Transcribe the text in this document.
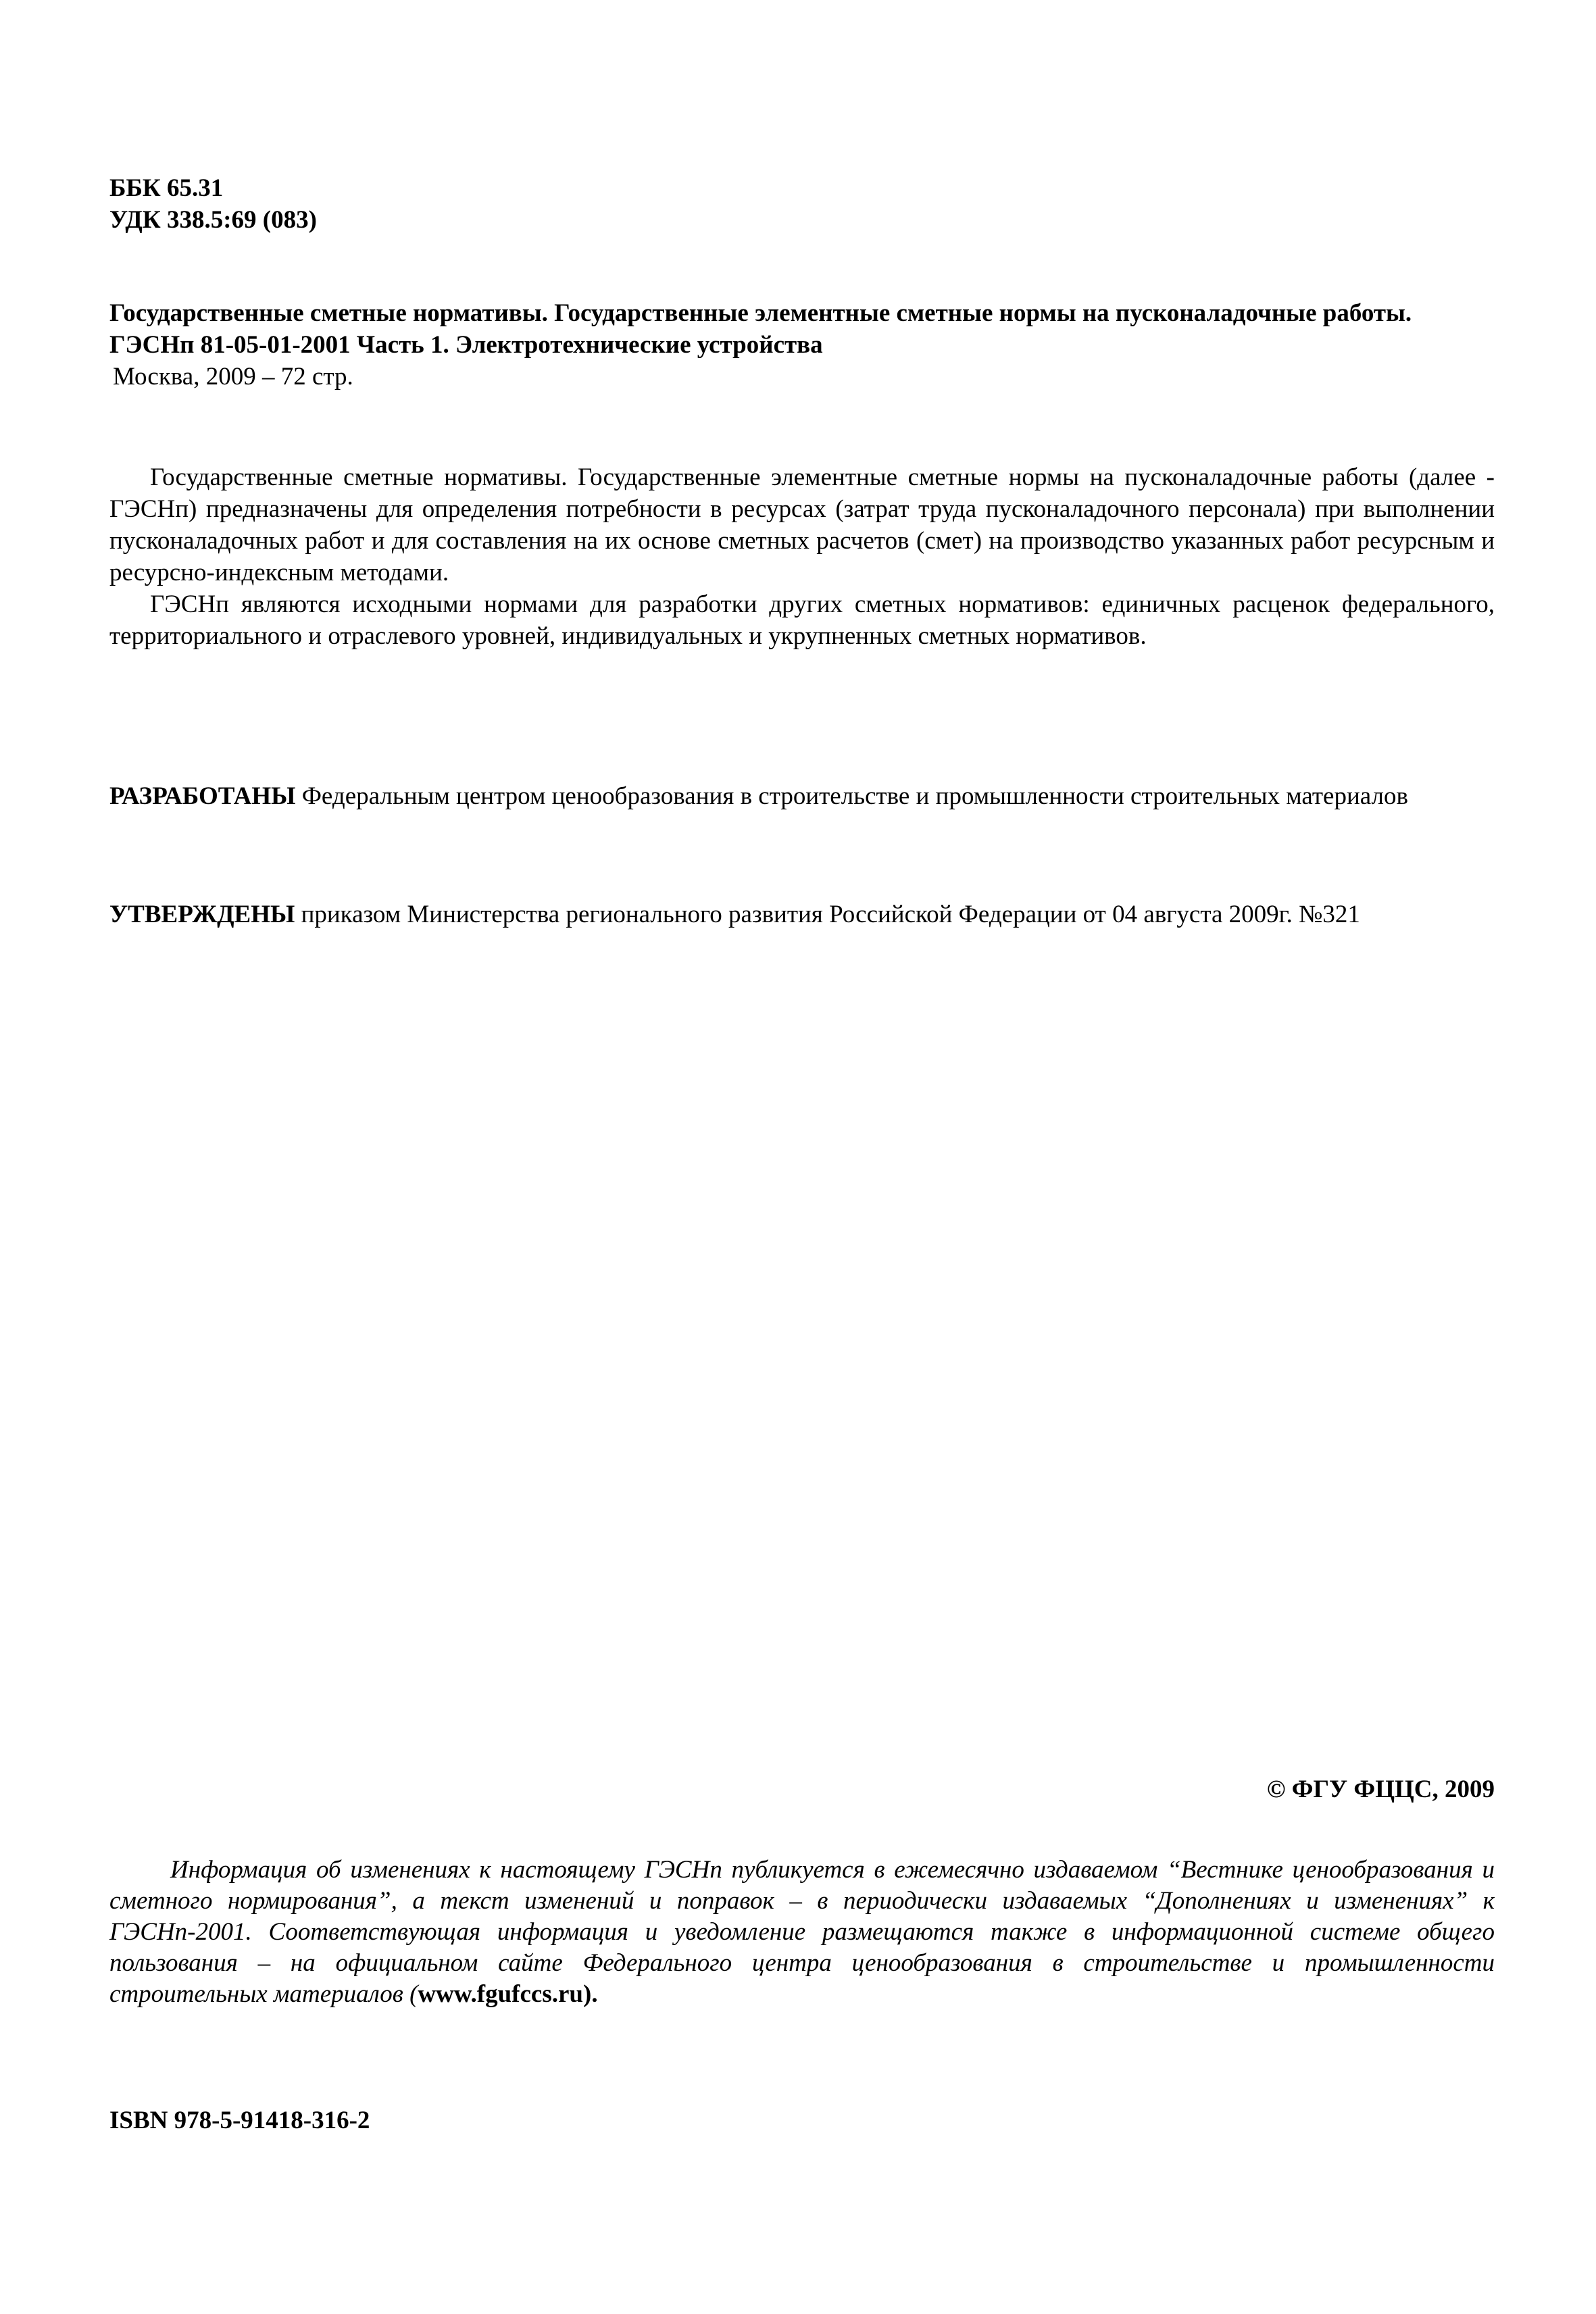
ББК 65.31
УДК 338.5:69 (083)

Государственные сметные нормативы. Государственные элементные сметные нормы на пусконаладочные работы.

ГЭСНп 81-05-01-2001 Часть 1. Электротехнические устройства
Москва, 2009 – 72 стр.

Государственные сметные нормативы. Государственные элементные сметные нормы на пусконаладочные работы (далее - ГЭСНп) предназначены для определения потребности в ресурсах (затрат труда пусконаладочного персонала) при выполнении пусконаладочных работ и для составления на их основе сметных расчетов (смет) на производство указанных работ ресурсным и ресурсно-индексным методами.

ГЭСНп являются исходными нормами для разработки других сметных нормативов: единичных расценок федерального, территориального и отраслевого уровней, индивидуальных и укрупненных сметных нормативов.

РАЗРАБОТАНЫ Федеральным центром ценообразования в строительстве и промышленности строительных материалов

УТВЕРЖДЕНЫ приказом Министерства регионального развития Российской Федерации от 04 августа 2009г. №321

© ФГУ ФЦЦС, 2009

Информация об изменениях к настоящему ГЭСНп публикуется в ежемесячно издаваемом “Вестнике ценообразования и сметного нормирования”, а текст изменений и поправок – в периодически издаваемых “Дополнениях и изменениях” к ГЭСНп-2001. Соответствующая информация и уведомление размещаются также в информационной системе общего пользования – на официальном сайте Федерального центра ценообразования в строительстве и промышленности строительных материалов (www.fgufccs.ru).

ISBN 978-5-91418-316-2
